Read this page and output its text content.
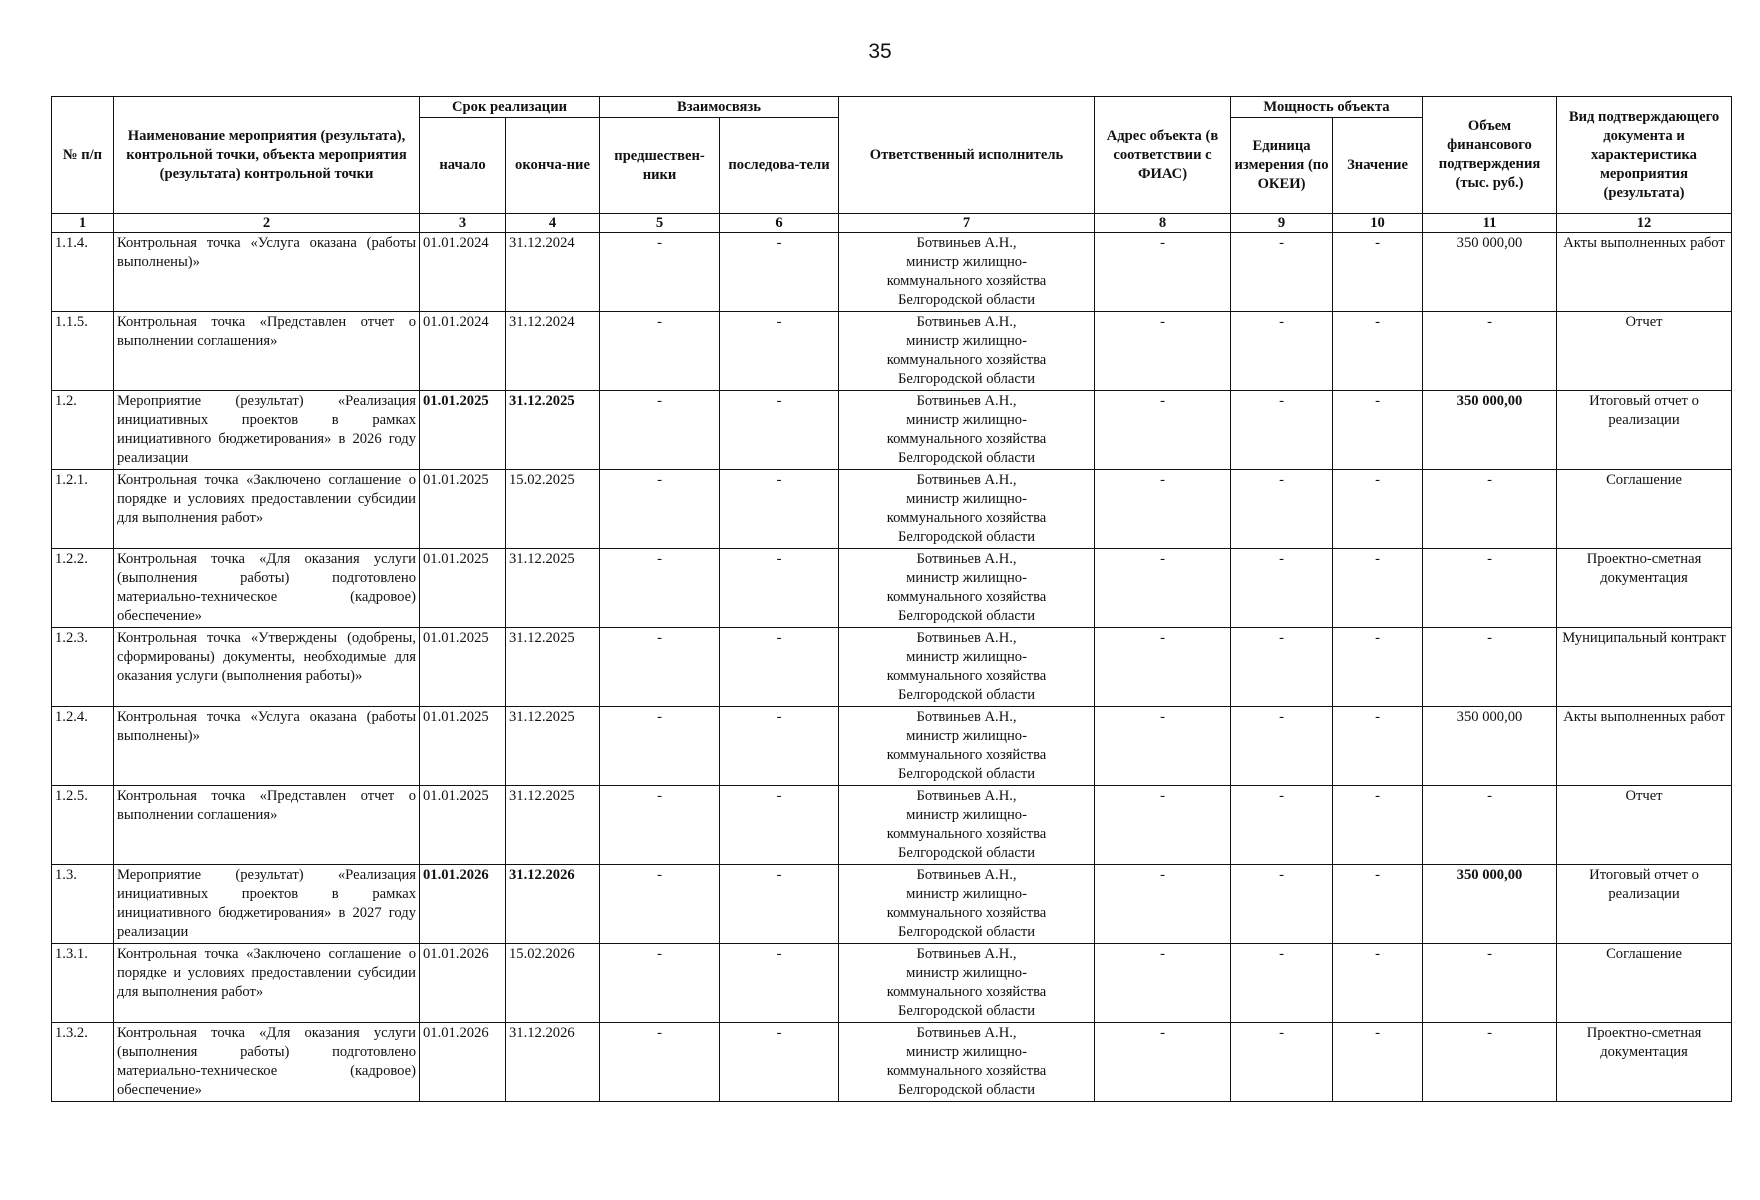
35
№ п/п	Наименование мероприятия (результата), контрольной точки, объекта мероприятия (результата) контрольной точки	Срок реализации		Взаимосвязь		Ответственный исполнитель	Адрес объекта (в соответствии с ФИАС)	Мощность объекта		Объем финансового подтверждения (тыс. руб.)	Вид подтверждающего документа и характеристика мероприятия (результата)
		начало	оконча-ние	предшествен-ники	последова-тели			Единица измерения (по ОКЕИ)	Значение		
1	2	3	4	5	6	7	8	9	10	11	12
1.1.4.	Контрольная точка «Услуга оказана (работы выполнены)»	01.01.2024	31.12.2024	-	-	Ботвиньев А.Н.,
министр жилищно-
коммунального хозяйства
Белгородской области	-	-	-	350 000,00	Акты выполненных работ
1.1.5.	Контрольная точка «Представлен отчет о выполнении соглашения»	01.01.2024	31.12.2024	-	-	Ботвиньев А.Н.,
министр жилищно-
коммунального хозяйства
Белгородской области	-	-	-	-	Отчет
1.2.	Мероприятие (результат) «Реализация инициативных проектов в рамках инициативного бюджетирования» в 2026 году реализации	01.01.2025	31.12.2025	-	-	Ботвиньев А.Н.,
министр жилищно-
коммунального хозяйства
Белгородской области	-	-	-	350 000,00	Итоговый отчет о реализации
1.2.1.	Контрольная точка «Заключено соглашение о порядке и условиях предоставлении субсидии для выполнения работ»	01.01.2025	15.02.2025	-	-	Ботвиньев А.Н.,
министр жилищно-
коммунального хозяйства
Белгородской области	-	-	-	-	Соглашение
1.2.2.	Контрольная точка «Для оказания услуги (выполнения работы) подготовлено материально-техническое (кадровое) обеспечение»	01.01.2025	31.12.2025	-	-	Ботвиньев А.Н.,
министр жилищно-
коммунального хозяйства
Белгородской области	-	-	-	-	Проектно-сметная документация
1.2.3.	Контрольная точка «Утверждены (одобрены, сформированы) документы, необходимые для оказания услуги (выполнения работы)»	01.01.2025	31.12.2025	-	-	Ботвиньев А.Н.,
министр жилищно-
коммунального хозяйства
Белгородской области	-	-	-	-	Муниципальный контракт
1.2.4.	Контрольная точка «Услуга оказана (работы выполнены)»	01.01.2025	31.12.2025	-	-	Ботвиньев А.Н.,
министр жилищно-
коммунального хозяйства
Белгородской области	-	-	-	350 000,00	Акты выполненных работ
1.2.5.	Контрольная точка «Представлен отчет о выполнении соглашения»	01.01.2025	31.12.2025	-	-	Ботвиньев А.Н.,
министр жилищно-
коммунального хозяйства
Белгородской области	-	-	-	-	Отчет
1.3.	Мероприятие (результат) «Реализация инициативных проектов в рамках инициативного бюджетирования» в 2027 году реализации	01.01.2026	31.12.2026	-	-	Ботвиньев А.Н.,
министр жилищно-
коммунального хозяйства
Белгородской области	-	-	-	350 000,00	Итоговый отчет о реализации
1.3.1.	Контрольная точка «Заключено соглашение о порядке и условиях предоставлении субсидии для выполнения работ»	01.01.2026	15.02.2026	-	-	Ботвиньев А.Н.,
министр жилищно-
коммунального хозяйства
Белгородской области	-	-	-	-	Соглашение
1.3.2.	Контрольная точка «Для оказания услуги (выполнения работы) подготовлено материально-техническое (кадровое) обеспечение»	01.01.2026	31.12.2026	-	-	Ботвиньев А.Н.,
министр жилищно-
коммунального хозяйства
Белгородской области	-	-	-	-	Проектно-сметная документация
